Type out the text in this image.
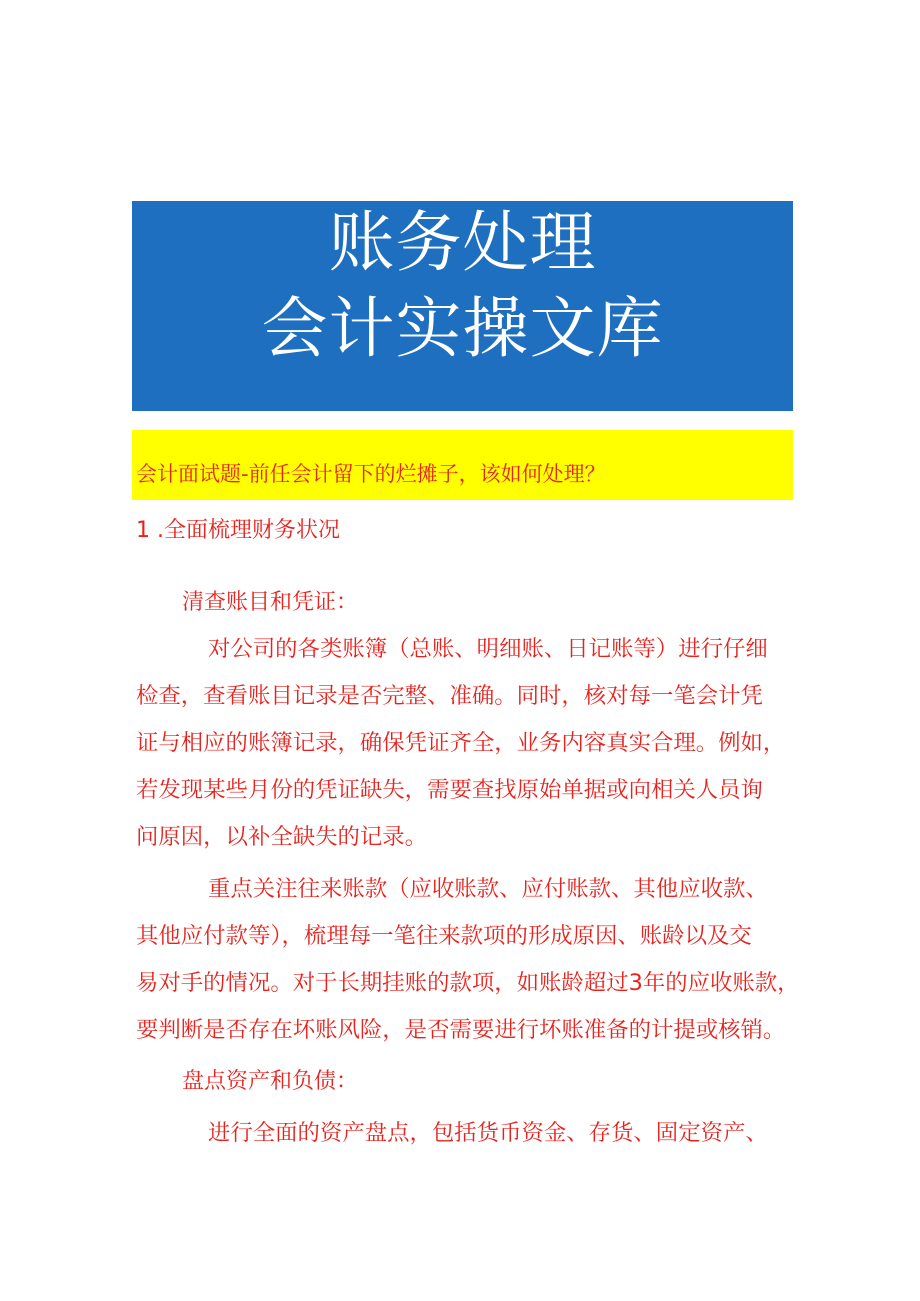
账务处理
会计实操文库
会计面试题-前任会计留下的烂摊子，该如何处理？
1 .全面梳理财务状况
清查账目和凭证：
对公司的各类账簿（总账、明细账、日记账等）进行仔细
检查，查看账目记录是否完整、准确。同时，核对每一笔会计凭
证与相应的账簿记录，确保凭证齐全，业务内容真实合理。例如，
若发现某些月份的凭证缺失，需要查找原始单据或向相关人员询
问原因，以补全缺失的记录。
重点关注往来账款（应收账款、应付账款、其他应收款、
其他应付款等），梳理每一笔往来款项的形成原因、账龄以及交
易对手的情况。对于长期挂账的款项，如账龄超过3年的应收账款，
要判断是否存在坏账风险，是否需要进行坏账准备的计提或核销。
盘点资产和负债：
进行全面的资产盘点，包括货币资金、存货、固定资产、
